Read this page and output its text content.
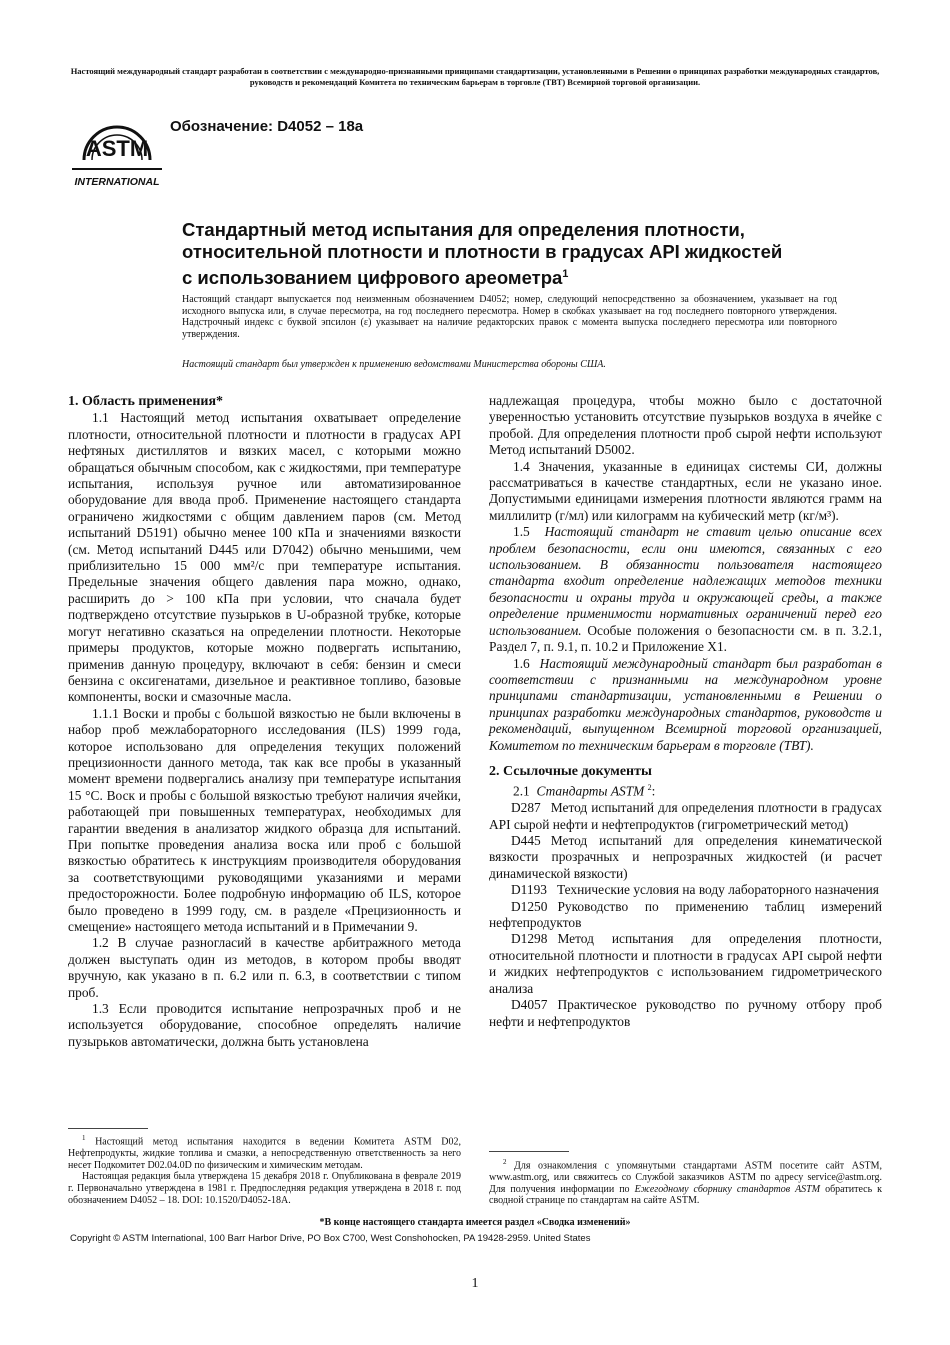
Настоящий международный стандарт разработан в соответствии с международно-признанными принципами стандартизации, установленными в Решении о принципах разработки международных стандартов, руководств и рекомендаций Комитета по техническим барьерам в торговле (ТВТ) Всемирной торговой организации.
ASTM
INTERNATIONAL
Обозначение: D4052 – 18a
Стандартный метод испытания для определения плотности,
относительной плотности и плотности в градусах API жидкостей
с использованием цифрового ареометра$^1$
Настоящий стандарт выпускается под неизменным обозначением D4052; номер, следующий непосредственно за обозначением, указывает на год исходного выпуска или, в случае пересмотра, на год последнего пересмотра. Номер в скобках указывает на год последнего повторного утверждения. Надстрочный индекс с буквой эпсилон (ε) указывает на наличие редакторских правок с момента выпуска последнего пересмотра или повторного утверждения.
Настоящий стандарт был утвержден к применению ведомствами Министерства обороны США.

1. Область применения*

1.1 Настоящий метод испытания охватывает определение плотности, относительной плотности и плотности в градусах API нефтяных дистиллятов и вязких масел, с которыми можно обращаться обычным способом, как с жидкостями, при температуре испытания, используя ручное или автоматизированное оборудование для ввода проб. Применение настоящего стандарта ограничено жидкостями с общим давлением паров (см. Метод испытаний D5191) обычно менее 100 кПа и значениями вязкости (см. Метод испытаний D445 или D7042) обычно меньшими, чем приблизительно 15 000 мм²/с при температуре испытания. Предельные значения общего давления пара можно, однако, расширить до > 100 кПа при условии, что сначала будет подтверждено отсутствие пузырьков в U-образной трубке, которые могут негативно сказаться на определении плотности. Некоторые примеры продуктов, которые можно подвергать испытанию, применив данную процедуру, включают в себя: бензин и смеси бензина с оксигенатами, дизельное и реактивное топливо, базовые компоненты, воски и смазочные масла.

1.1.1 Воски и пробы с большой вязкостью не были включены в набор проб межлабораторного исследования (ILS) 1999 года, которое использовано для определения текущих положений прецизионности данного метода, так как все пробы в указанный момент времени подвергались анализу при температуре испытания 15 °С. Воск и пробы с большой вязкостью требуют наличия ячейки, работающей при повышенных температурах, необходимых для гарантии введения в анализатор жидкого образца для испытаний. При попытке проведения анализа воска или проб с большой вязкостью обратитесь к инструкциям производителя оборудования за соответствующими руководящими указаниями и мерами предосторожности. Более подробную информацию об ILS, которое было проведено в 1999 году, см. в разделе «Прецизионность и смещение» настоящего метода испытаний и в Примечании 9.

1.2 В случае разногласий в качестве арбитражного метода должен выступать один из методов, в котором пробы вводят вручную, как указано в п. 6.2 или п. 6.3, в соответствии с типом проб.

1.3 Если проводится испытание непрозрачных проб и не используется оборудование, способное определять наличие пузырьков автоматически, должна быть установлена

надлежащая процедура, чтобы можно было с достаточной уверенностью установить отсутствие пузырьков воздуха в ячейке с пробой. Для определения плотности проб сырой нефти используют Метод испытаний D5002.

1.4 Значения, указанные в единицах системы СИ, должны рассматриваться в качестве стандартных, если не указано иное. Допустимыми единицами измерения плотности являются грамм на миллилитр (г/мл) или килограмм на кубический метр (кг/м³).

1.5 Настоящий стандарт не ставит целью описание всех проблем безопасности, если они имеются, связанных с его использованием. В обязанности пользователя настоящего стандарта входит определение надлежащих методов техники безопасности и охраны труда и окружающей среды, а также определение применимости нормативных ограничений перед его использованием. Особые положения о безопасности см. в п. 3.2.1, Раздел 7, п. 9.1, п. 10.2 и Приложение X1.

1.6 Настоящий международный стандарт был разработан в соответствии с признанными на международном уровне принципами стандартизации, установленными в Решении о принципах разработки международных стандартов, руководств и рекомендаций, выпущенном Всемирной торговой организацией, Комитетом по техническим барьерам в торговле (ТВТ).

2. Ссылочные документы

2.1 Стандарты ASTM $^2$:

D287 Метод испытаний для определения плотности в градусах API сырой нефти и нефтепродуктов (гигрометрический метод)

D445 Метод испытаний для определения кинематической вязкости прозрачных и непрозрачных жидкостей (и расчет динамической вязкости)

D1193 Технические условия на воду лабораторного назначения

D1250 Руководство по применению таблиц измерений нефтепродуктов

D1298 Метод испытания для определения плотности, относительной плотности и плотности в градусах API сырой нефти и жидких нефтепродуктов с использованием гидрометрического анализа

D4057 Практическое руководство по ручному отбору проб нефти и нефтепродуктов

$^1$ Настоящий метод испытания находится в ведении Комитета ASTM D02, Нефтепродукты, жидкие топлива и смазки, а непосредственную ответственность за него несет Подкомитет D02.04.0D по физическим и химическим методам.

Настоящая редакция была утверждена 15 декабря 2018 г. Опубликована в феврале 2019 г. Первоначально утверждена в 1981 г. Предпоследняя редакция утверждена в 2018 г. под обозначением D4052 – 18. DOI: 10.1520/D4052-18A.

$^2$ Для ознакомления с упомянутыми стандартами ASTM посетите сайт ASTM, www.astm.org, или свяжитесь со Службой заказчиков ASTM по адресу service@astm.org. Для получения информации по Ежегодному сборнику стандартов ASTM обратитесь к сводной странице по стандартам на сайте ASTM.

*В конце настоящего стандарта имеется раздел «Сводка изменений»
Copyright © ASTM International, 100 Barr Harbor Drive, PO Box C700, West Conshohocken, PA 19428-2959. United States
1
